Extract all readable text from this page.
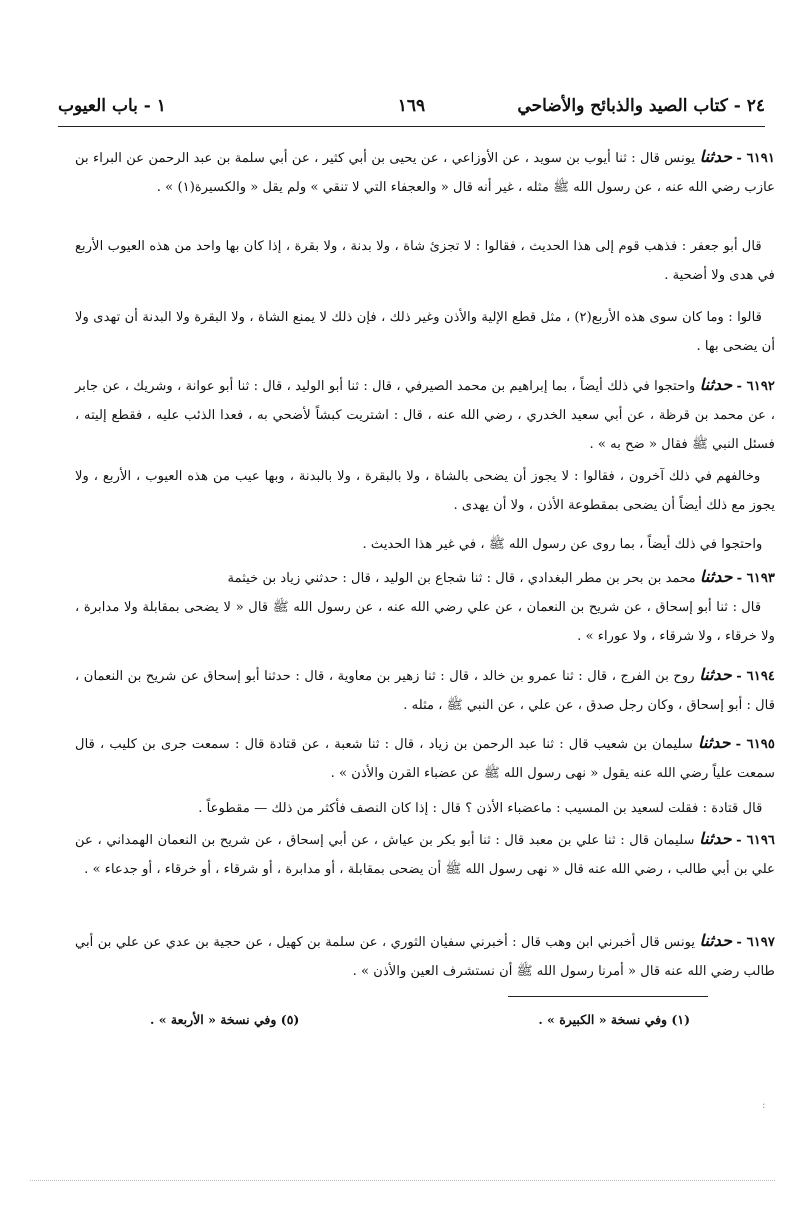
٢٤ - كتاب الصيد والذبائح والأضاحي
١٦٩
١ - باب العيوب

٦١٩١ - حدثنا يونس قال : ثنا أيوب بن سويد ، عن الأوزاعي ، عن يحيى بن أبي كثير ، عن أبي سلمة بن عبد الرحمن عن البراء بن عازب رضي الله عنه ، عن رسول الله ﷺ مثله ، غير أنه قال « والعجفاء التي لا تنقي » ولم يقل « والكسيرة(١) » .

قال أبو جعفر : فذهب قوم إلى هذا الحديث ، فقالوا : لا تجزئ شاة ، ولا بدنة ، ولا بقرة ، إذا كان بها واحد من هذه العيوب الأربع في هدى ولا أضحية .

قالوا : وما كان سوى هذه الأربع(٢) ، مثل قطع الإلية والأذن وغير ذلك ، فإن ذلك لا يمنع الشاة ، ولا البقرة ولا البدنة أن تهدى ولا أن يضحى بها .

٦١٩٢ - حدثنا واحتجوا في ذلك أيضاً ، بما إبراهيم بن محمد الصيرفي ، قال : ثنا أبو الوليد ، قال : ثنا أبو عوانة ، وشريك ، عن جابر ، عن محمد بن قرظة ، عن أبي سعيد الخدري ، رضي الله عنه ، قال : اشتريت كبشاً لأضحي به ، فعدا الذئب عليه ، فقطع إليته ، فسئل النبي ﷺ فقال « ضح به » .

وخالفهم في ذلك آخرون ، فقالوا : لا يجوز أن يضحى بالشاة ، ولا بالبقرة ، ولا بالبدنة ، وبها عيب من هذه العيوب ، الأربع ، ولا يجوز مع ذلك أيضاً أن يضحى بمقطوعة الأذن ، ولا أن يهدى .

واحتجوا في ذلك أيضاً ، بما روى عن رسول الله ﷺ ، في غير هذا الحديث .

٦١٩٣ - حدثنا محمد بن بحر بن مطر البغدادي ، قال : ثنا شجاع بن الوليد ، قال : حدثني زياد بن خيثمة

قال : ثنا أبو إسحاق ، عن شريح بن النعمان ، عن علي رضي الله عنه ، عن رسول الله ﷺ قال « لا يضحى بمقابلة ولا مدابرة ، ولا خرقاء ، ولا شرقاء ، ولا عوراء » .

٦١٩٤ - حدثنا روح بن الفرج ، قال : ثنا عمرو بن خالد ، قال : ثنا زهير بن معاوية ، قال : حدثنا أبو إسحاق عن شريح بن النعمان ، قال : أبو إسحاق ، وكان رجل صدق ، عن علي ، عن النبي ﷺ ، مثله .

٦١٩٥ - حدثنا سليمان بن شعيب قال : ثنا عبد الرحمن بن زياد ، قال : ثنا شعبة ، عن قتادة قال : سمعت جرى بن كليب ، قال سمعت علياً رضي الله عنه يقول « نهى رسول الله ﷺ عن عضباء القرن والأذن » .

قال قتادة : فقلت لسعيد بن المسيب : ماعضباء الأذن ؟ قال : إذا كان النصف فأكثر من ذلك — مقطوعاً .

٦١٩٦ - حدثنا سليمان قال : ثنا علي بن معبد قال : ثنا أبو بكر بن عياش ، عن أبي إسحاق ، عن شريح بن النعمان الهمداني ، عن علي بن أبي طالب ، رضي الله عنه قال « نهى رسول الله ﷺ أن يضحى بمقابلة ، أو مدابرة ، أو شرقاء ، أو خرقاء ، أو جدعاء » .

٦١٩٧ - حدثنا يونس قال أخبرني ابن وهب قال : أخبرني سفيان الثوري ، عن سلمة بن كهيل ، عن حجية بن عدي عن علي بن أبي طالب رضي الله عنه قال « أمرنا رسول الله ﷺ أن نستشرف العين والأذن » .

(١) وفي نسخة « الكبيرة » .
(٥) وفي نسخة « الأربعة » .
:
